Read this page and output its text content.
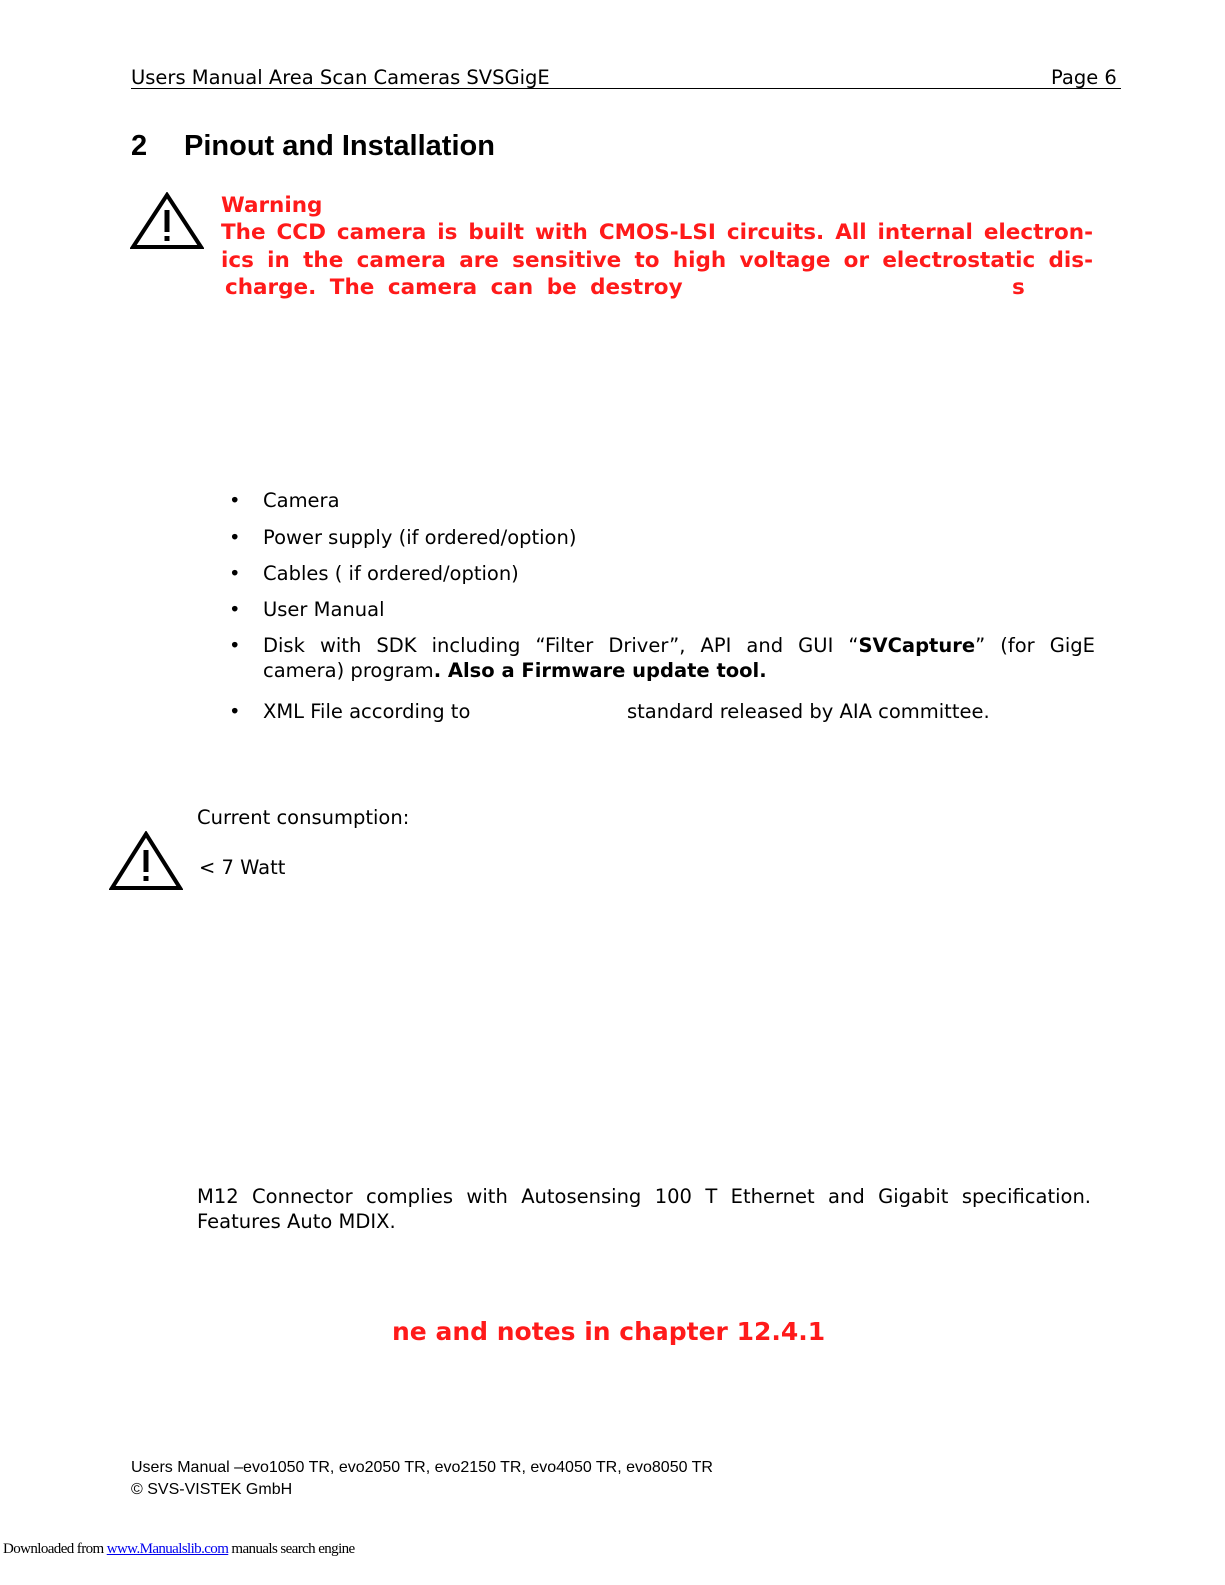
Users Manual Area Scan Cameras SVSGigE	Page 6
2 Pinout and Installation
Warning
The CCD camera is built with CMOS-LSI circuits. All internal electron-
ics in the camera are sensitive to high voltage or electrostatic dis-
charge. The camera can be destroy	s
• Camera
• Power supply (if ordered/option)
• Cables ( if ordered/option)
• User Manual
• Disk with SDK including “Filter Driver”, API and GUI “SVCapture” (for GigE
camera) program. Also a Firmware update tool.
• XML File according to	standard released by AIA committee.
Current consumption:
< 7 Watt
M12 Connector complies with Autosensing 100 T Ethernet and Gigabit specification.
Features Auto MDIX.
ne and notes in chapter 12.4.1
Users Manual –evo1050 TR, evo2050 TR, evo2150 TR, evo4050 TR, evo8050 TR
© SVS-VISTEK GmbH
Downloaded from www.Manualslib.com manuals search engine
